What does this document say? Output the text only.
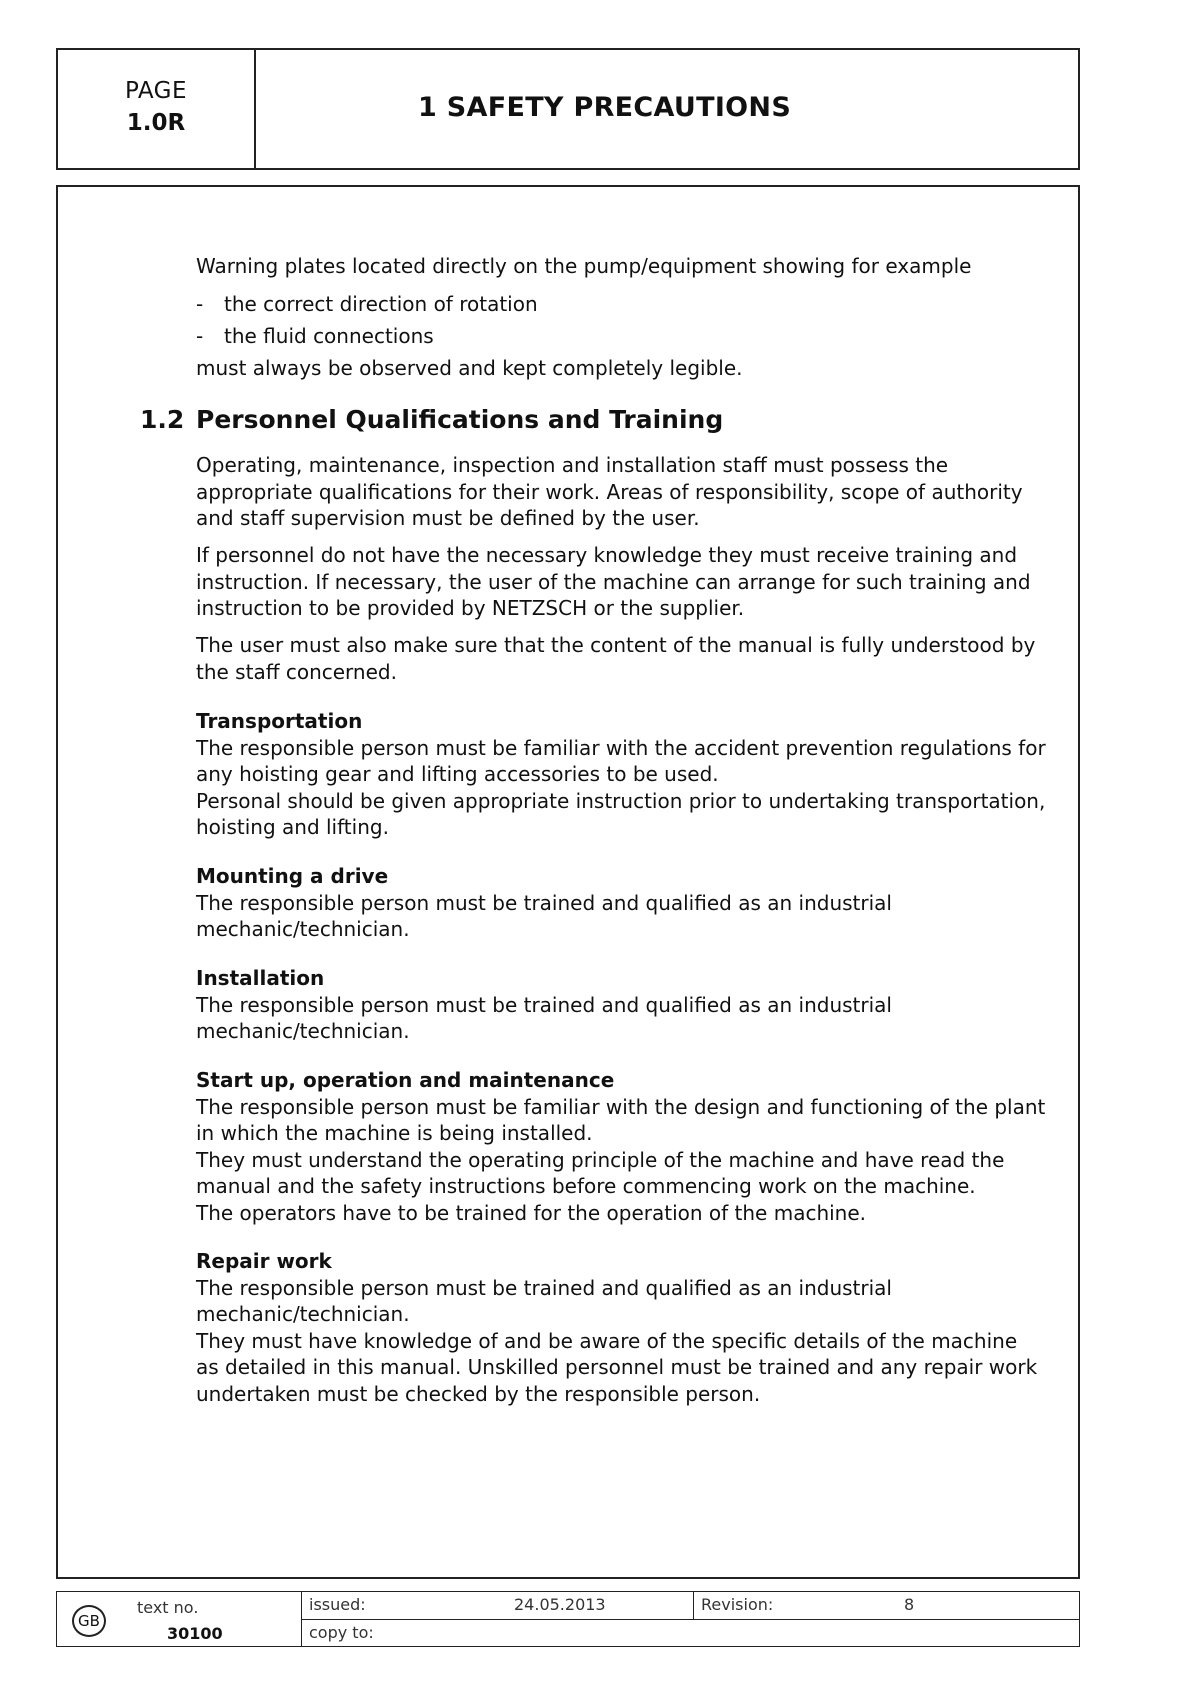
PAGE
1.0R	1 SAFETY PRECAUTIONS
Warning plates located directly on the pump/equipment showing for example
- the correct direction of rotation
- the fluid connections
must always be observed and kept completely legible.
1.2 Personnel Qualifications and Training
Operating, maintenance, inspection and installation staff must possess the appropriate qualifications for their work. Areas of responsibility, scope of authority and staff supervision must be defined by the user.
If personnel do not have the necessary knowledge they must receive training and instruction. If necessary, the user of the machine can arrange for such training and instruction to be provided by NETZSCH or the supplier.
The user must also make sure that the content of the manual is fully understood by the staff concerned.

Transportation

The responsible person must be familiar with the accident prevention regulations for any hoisting gear and lifting accessories to be used.

Personal should be given appropriate instruction prior to undertaking transportation, hoisting and lifting.

Mounting a drive

The responsible person must be trained and qualified as an industrial mechanic/technician.

Installation

The responsible person must be trained and qualified as an industrial mechanic/technician.

Start up, operation and maintenance

The responsible person must be familiar with the design and functioning of the plant in which the machine is being installed.

They must understand the operating principle of the machine and have read the manual and the safety instructions before commencing work on the machine.

The operators have to be trained for the operation of the machine.

Repair work

The responsible person must be trained and qualified as an industrial mechanic/technician.

They must have knowledge of and be aware of the specific details of the machine as detailed in this manual. Unskilled personnel must be trained and any repair work undertaken must be checked by the responsible person.

GB
text no.
30100
issued:	24.05.2013	Revision:	8
copy to:
